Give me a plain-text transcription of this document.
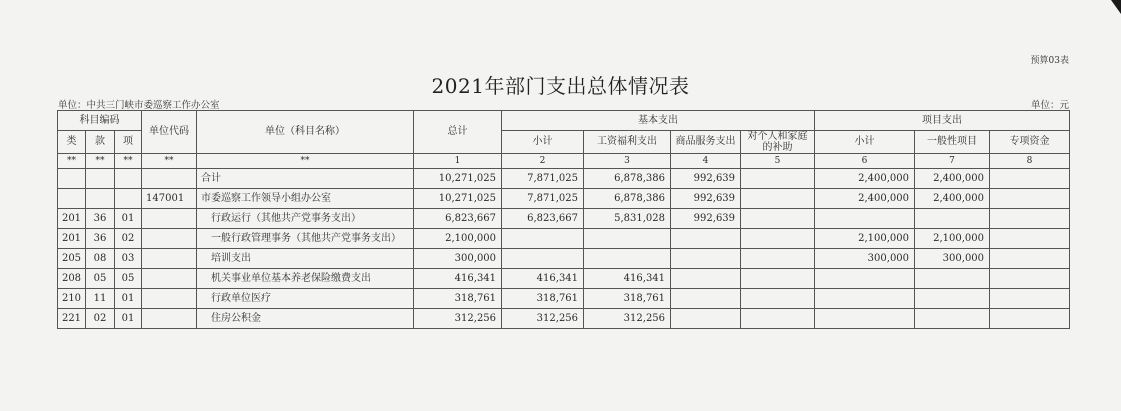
预算03表
2021年部门支出总体情况表
单位：中共三门峡市委巡察工作办公室	单位：元
科目编码			单位代码	单位（科目名称）	总计	基本支出				项目支出		
类	款	项				小计	工资福利支出	商品服务支出	对个人和家庭的补助	小计	一般性项目	专项资金
**	**	**	**	**	1	2	3	4	5	6	7	8
				合计	10,271,025	7,871,025	6,878,386	992,639		2,400,000	2,400,000	
			147001	市委巡察工作领导小组办公室	10,271,025	7,871,025	6,878,386	992,639		2,400,000	2,400,000	
201	36	01		行政运行（其他共产党事务支出）	6,823,667	6,823,667	5,831,028	992,639				
201	36	02		一般行政管理事务（其他共产党事务支出）	2,100,000					2,100,000	2,100,000	
205	08	03		培训支出	300,000					300,000	300,000	
208	05	05		机关事业单位基本养老保险缴费支出	416,341	416,341	416,341					
210	11	01		行政单位医疗	318,761	318,761	318,761					
221	02	01		住房公积金	312,256	312,256	312,256					
